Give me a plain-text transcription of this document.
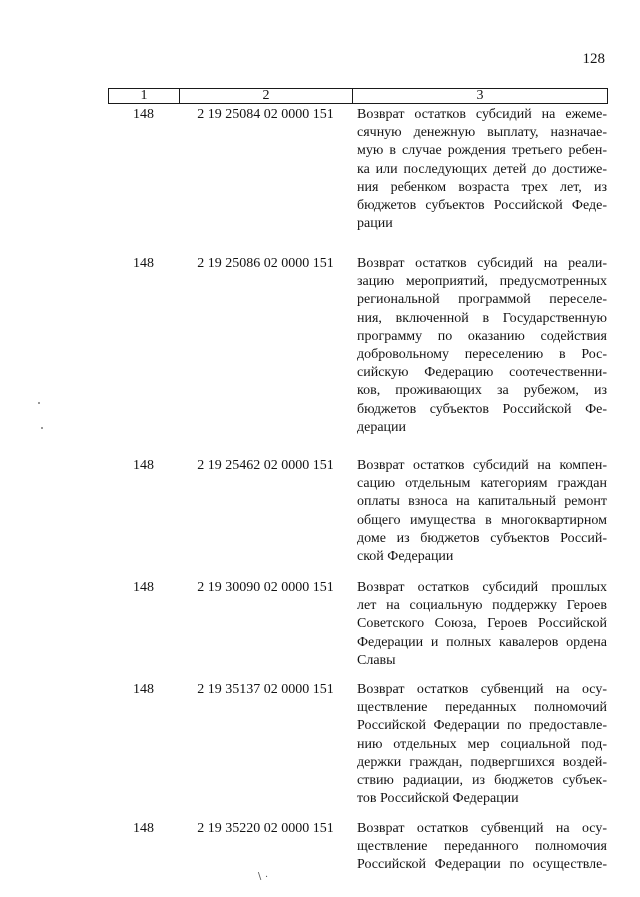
128
1	2	3
148	2 19 25084 02 0000 151	Возврат остатков субсидий на ежеме-
сячную денежную выплату, назначае-
мую в случае рождения третьего ребен-
ка или последующих детей до достиже-
ния ребенком возраста трех лет, из
бюджетов субъектов Российской Феде-
рации
148	2 19 25086 02 0000 151	Возврат остатков субсидий на реали-
зацию мероприятий, предусмотренных
региональной программой переселе-
ния, включенной в Государственную
программу по оказанию содействия
добровольному переселению в Рос-
сийскую Федерацию соотечественни-
ков, проживающих за рубежом, из
бюджетов субъектов Российской Фе-
дерации
148	2 19 25462 02 0000 151	Возврат остатков субсидий на компен-
сацию отдельным категориям граждан
оплаты взноса на капитальный ремонт
общего имущества в многоквартирном
доме из бюджетов субъектов Россий-
ской Федерации
148	2 19 30090 02 0000 151	Возврат остатков субсидий прошлых
лет на социальную поддержку Героев
Советского Союза, Героев Российской
Федерации и полных кавалеров ордена
Славы
148	2 19 35137 02 0000 151	Возврат остатков субвенций на осу-
ществление переданных полномочий
Российской Федерации по предоставле-
нию отдельных мер социальной под-
держки граждан, подвергшихся воздей-
ствию радиации, из бюджетов субъек-
тов Российской Федерации
148	2 19 35220 02 0000 151	Возврат остатков субвенций на осу-
ществление переданного полномочия
Российской Федерации по осуществле-
∖ ·
